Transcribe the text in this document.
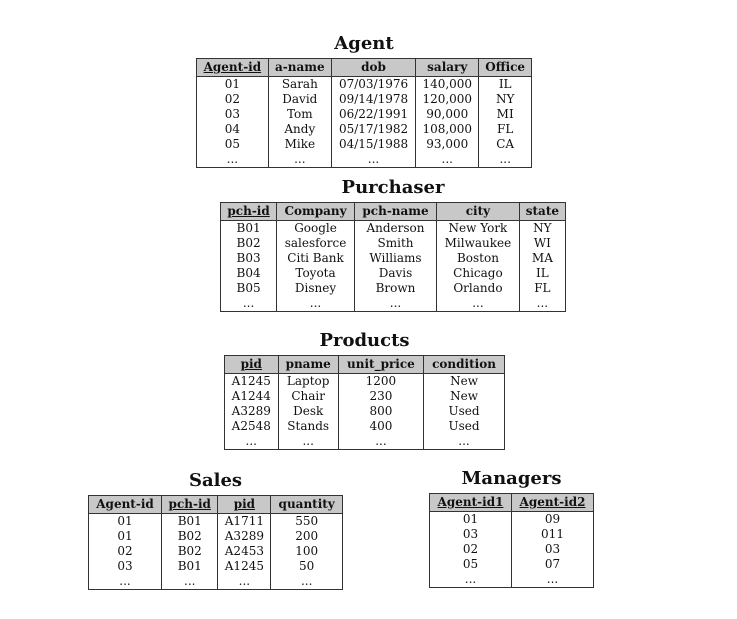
Agent
Agent-id	a-name	dob	salary	Office
01	Sarah	07/03/1976	140,000	IL
02	David	09/14/1978	120,000	NY
03	Tom	06/22/1991	90,000	MI
04	Andy	05/17/1982	108,000	FL
05	Mike	04/15/1988	93,000	CA
...	...	...	...	...
Purchaser
pch-id	Company	pch-name	city	state
B01	Google	Anderson	New York	NY
B02	salesforce	Smith	Milwaukee	WI
B03	Citi Bank	Williams	Boston	MA
B04	Toyota	Davis	Chicago	IL
B05	Disney	Brown	Orlando	FL
...	...	...	...	...
Products
pid	pname	unit_price	condition
A1245	Laptop	1200	New
A1244	Chair	230	New
A3289	Desk	800	Used
A2548	Stands	400	Used
...	...	...	...
Sales
Agent-id	pch-id	pid	quantity
01	B01	A1711	550
01	B02	A3289	200
02	B02	A2453	100
03	B01	A1245	50
...	...	...	...
Managers
Agent-id1	Agent-id2
01	09
03	011
02	03
05	07
...	...
